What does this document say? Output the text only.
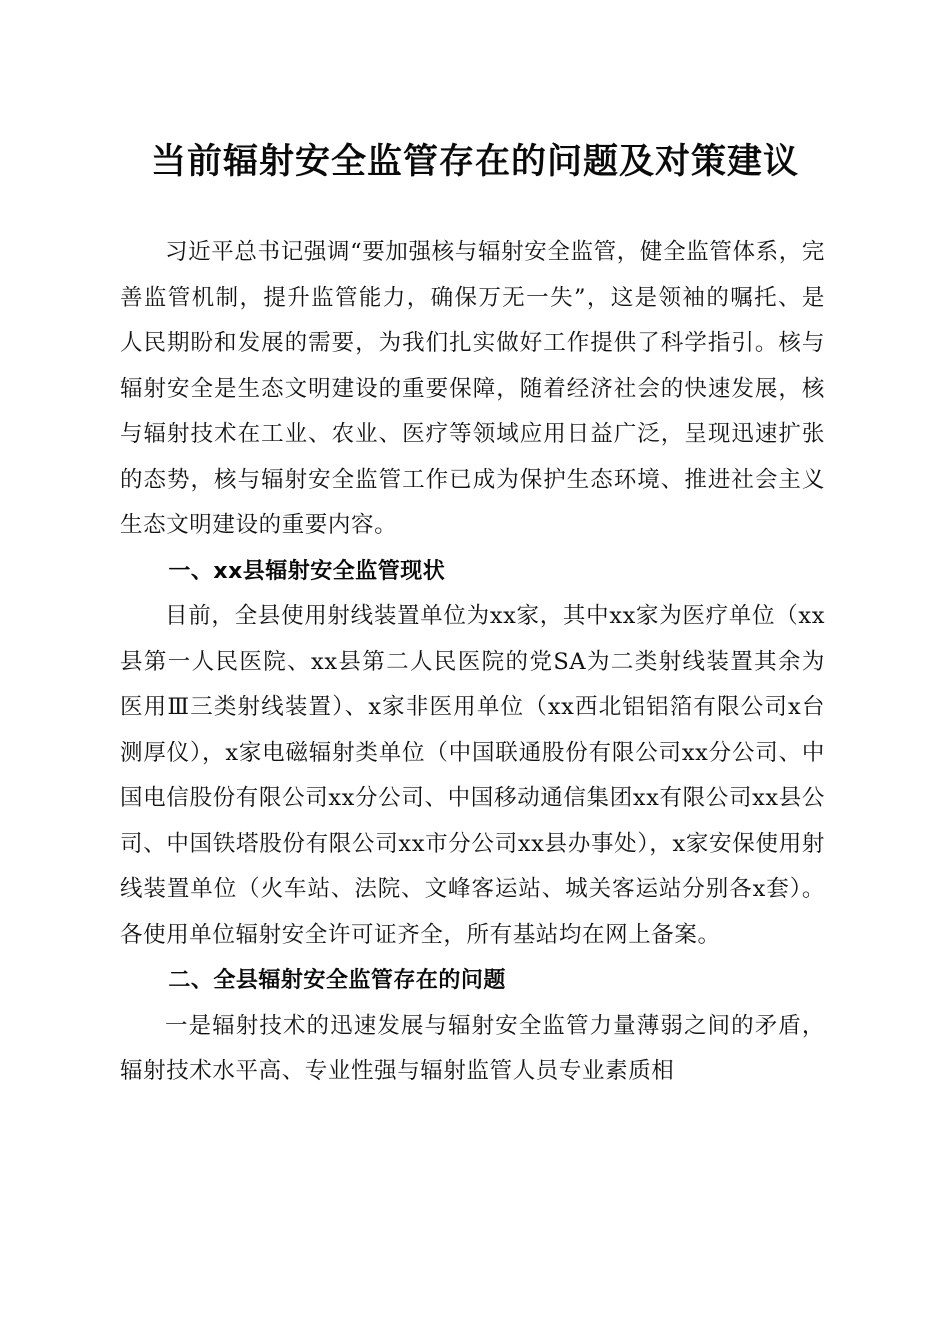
当前辐射安全监管存在的问题及对策建议

习近平总书记强调“要加强核与辐射安全监管，健全监管体系，完善监管机制，提升监管能力，确保万无一失”，这是领袖的嘱托、是人民期盼和发展的需要，为我们扎实做好工作提供了科学指引。核与辐射安全是生态文明建设的重要保障，随着经济社会的快速发展，核与辐射技术在工业、农业、医疗等领域应用日益广泛，呈现迅速扩张的态势，核与辐射安全监管工作已成为保护生态环境、推进社会主义生态文明建设的重要内容。

一、xx县辐射安全监管现状

目前，全县使用射线装置单位为xx家，其中xx家为医疗单位（xx县第一人民医院、xx县第二人民医院的党SA为二类射线装置其余为医用Ⅲ三类射线装置）、x家非医用单位（xx西北铝铝箔有限公司x台测厚仪），x家电磁辐射类单位（中国联通股份有限公司xx分公司、中国电信股份有限公司xx分公司、中国移动通信集团xx有限公司xx县公司、中国铁塔股份有限公司xx市分公司xx县办事处），x家安保使用射线装置单位（火车站、法院、文峰客运站、城关客运站分别各x套）。各使用单位辐射安全许可证齐全，所有基站均在网上备案。

二、全县辐射安全监管存在的问题

一是辐射技术的迅速发展与辐射安全监管力量薄弱之间的矛盾，辐射技术水平高、专业性强与辐射监管人员专业素质相
